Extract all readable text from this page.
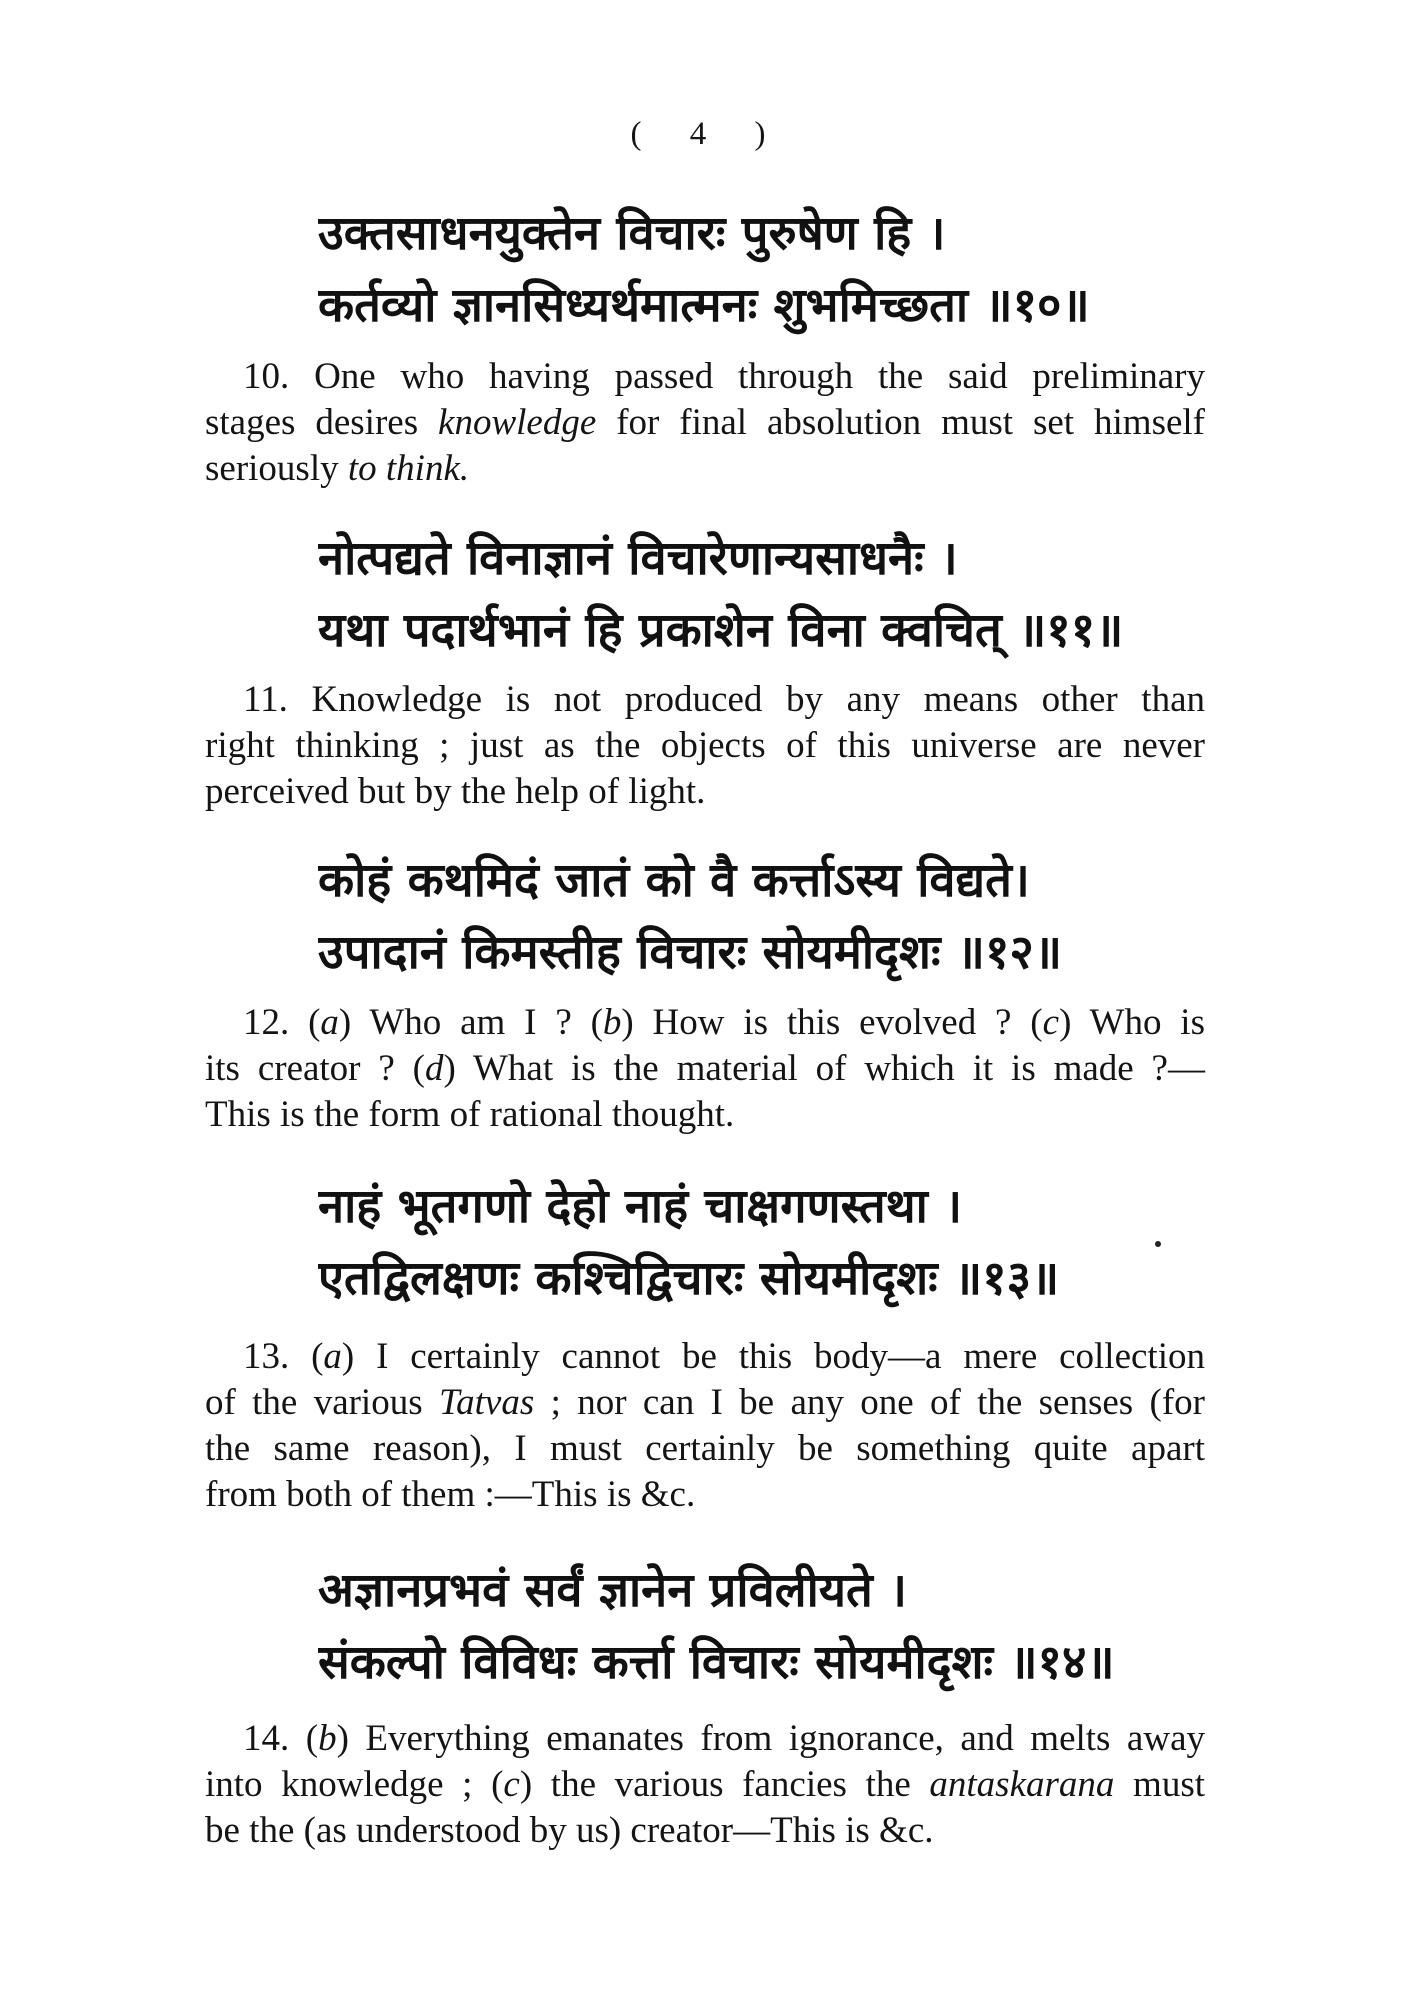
( 4 )
उक्तसाधनयुक्तेन विचारः पुरुषेण हि ।
कर्तव्यो ज्ञानसिध्यर्थमात्मनः शुभमिच्छता ॥१०॥
10. One who having passed through the said preliminary
stages desires knowledge for final absolution must set himself
seriously to think.
नोत्पद्यते विनाज्ञानं विचारेणान्यसाधनैः ।
यथा पदार्थभानं हि प्रकाशेन विना क्वचित् ॥११॥
11. Knowledge is not produced by any means other than
right thinking ; just as the objects of this universe are never
perceived but by the help of light.
कोहं कथमिदं जातं को वै कर्त्ताऽस्य विद्यते।
उपादानं किमस्तीह विचारः सोयमीदृशः ॥१२॥
12. (a) Who am I ? (b) How is this evolved ? (c) Who is
its creator ? (d) What is the material of which it is made ?—
This is the form of rational thought.
नाहं भूतगणो देहो नाहं चाक्षगणस्तथा ।
एतद्विलक्षणः कश्चिद्विचारः सोयमीदृशः ॥१३॥
13. (a) I certainly cannot be this body—a mere collection
of the various Tatvas ; nor can I be any one of the senses (for
the same reason), I must certainly be something quite apart
from both of them :—This is &c.
अज्ञानप्रभवं सर्वं ज्ञानेन प्रविलीयते ।
संकल्पो विविधः कर्त्ता विचारः सोयमीदृशः ॥१४॥
14. (b) Everything emanates from ignorance, and melts away
into knowledge ; (c) the various fancies the antaskarana must
be the (as understood by us) creator—This is &c.
